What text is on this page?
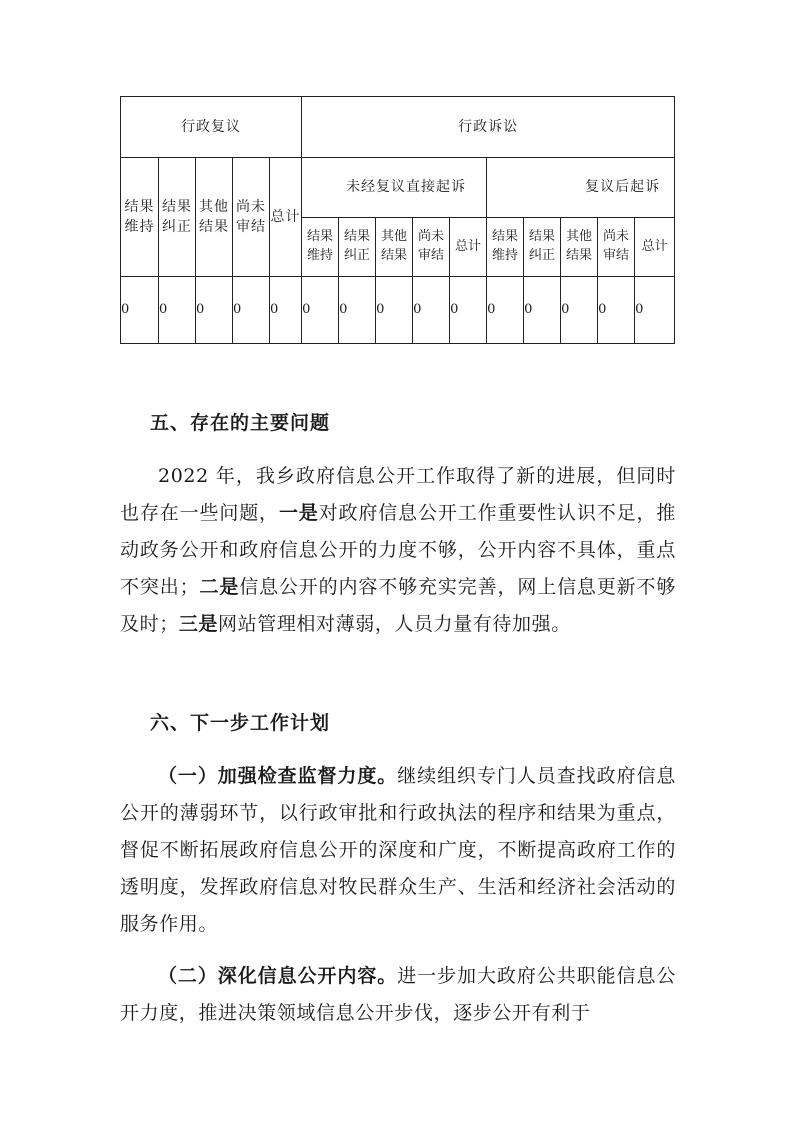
行政复议					行政诉讼									
结果维持	结果纠正	其他结果	尚未审结	总计	未经复议直接起诉					复议后起诉				
					结果维持	结果纠正	其他结果	尚未审结	总计	结果维持	结果纠正	其他结果	尚未审结	总计
0	0	0	0	0	0	0	0	0	0	0	0	0	0	0
五、存在的主要问题

2022 年，我乡政府信息公开工作取得了新的进展，但同时也存在一些问题，一是对政府信息公开工作重要性认识不足，推动政务公开和政府信息公开的力度不够，公开内容不具体，重点不突出；二是信息公开的内容不够充实完善，网上信息更新不够及时；三是网站管理相对薄弱，人员力量有待加强。

六、下一步工作计划

（一）加强检查监督力度。继续组织专门人员查找政府信息公开的薄弱环节，以行政审批和行政执法的程序和结果为重点，督促不断拓展政府信息公开的深度和广度，不断提高政府工作的透明度，发挥政府信息对牧民群众生产、生活和经济社会活动的服务作用。

（二）深化信息公开内容。进一步加大政府公共职能信息公开力度，推进决策领域信息公开步伐，逐步公开有利于
